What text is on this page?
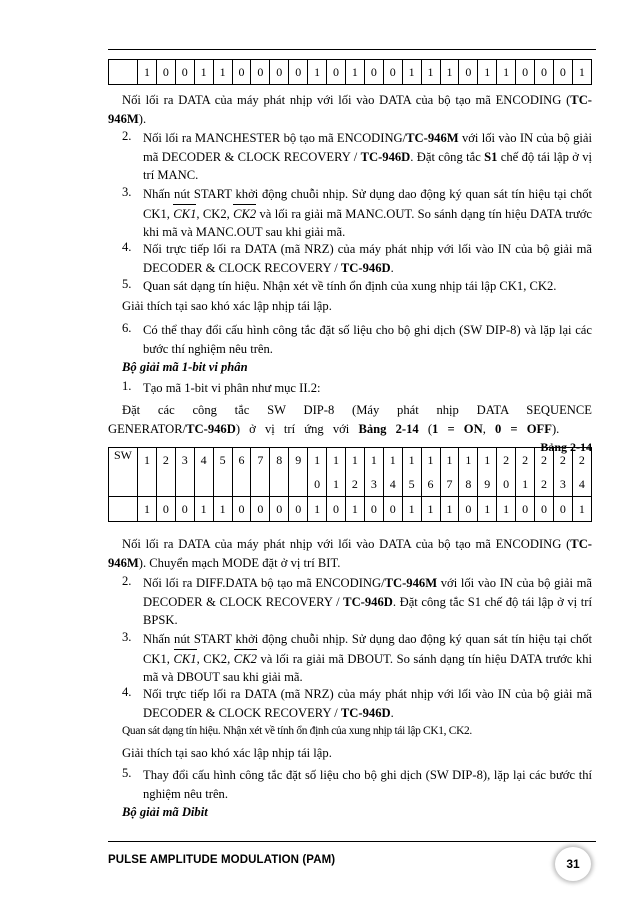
	1	0	0	1	1	0	0	0	0	1	0	1	0	0	1	1	1	0	1	1	0	0	0	1
Nối lối ra DATA của máy phát nhịp với lối vào DATA của bộ tạo mã ENCODING (TC-946M).
2. Nối lối ra MANCHESTER bộ tạo mã ENCODING/TC-946M với lối vào IN của bộ giải mã DECODER & CLOCK RECOVERY / TC-946D. Đặt công tắc S1 chế độ tái lập ở vị trí MANC.
3. Nhấn nút START khởi động chuỗi nhịp. Sử dụng dao động ký quan sát tín hiệu tại chốt CK1, CK1, CK2, CK2 và lối ra giải mã MANC.OUT. So sánh dạng tín hiệu DATA trước khi mã và MANC.OUT sau khi giải mã.
4. Nối trực tiếp lối ra DATA (mã NRZ) của máy phát nhịp với lối vào IN của bộ giải mã DECODER & CLOCK RECOVERY / TC-946D.
5. Quan sát dạng tín hiệu. Nhận xét về tính ổn định của xung nhịp tái lập CK1, CK2.
Giải thích tại sao khó xác lập nhịp tái lập.
6. Có thể thay đổi cấu hình công tắc đặt số liệu cho bộ ghi dịch (SW DIP-8) và lặp lại các bước thí nghiệm nêu trên.
Bộ giải mã 1-bit vi phân
1. Tạo mã 1-bit vi phân như mục II.2:
Đặt các công tắc SW DIP-8 (Máy phát nhịp DATA SEQUENCE GENERATOR/TC-946D) ở vị trí ứng với Bảng 2-14 (1 = ON, 0 = OFF).
Bảng 2-14
SW	1	2	3	4	5	6	7	8	9	1	1	1	1	1	1	1	1	1	1	2	2	2	2	2
										0	1	2	3	4	5	6	7	8	9	0	1	2	3	4
	1	0	0	1	1	0	0	0	0	1	0	1	0	0	1	1	1	0	1	1	0	0	0	1
Nối lối ra DATA của máy phát nhịp với lối vào DATA của bộ tạo mã ENCODING (TC-946M). Chuyển mạch MODE đặt ở vị trí BIT.
2. Nối lối ra DIFF.DATA bộ tạo mã ENCODING/TC-946M với lối vào IN của bộ giải mã DECODER & CLOCK RECOVERY / TC-946D. Đặt công tắc S1 chế độ tái lập ở vị trí BPSK.
3. Nhấn nút START khởi động chuỗi nhịp. Sử dụng dao động ký quan sát tín hiệu tại chốt CK1, CK1, CK2, CK2 và lối ra giải mã DBOUT. So sánh dạng tín hiệu DATA trước khi mã và DBOUT sau khi giải mã.
4. Nối trực tiếp lối ra DATA (mã NRZ) của máy phát nhịp với lối vào IN của bộ giải mã DECODER & CLOCK RECOVERY / TC-946D.
Quan sát dạng tín hiệu. Nhận xét về tính ổn định của xung nhịp tái lập CK1, CK2.
Giải thích tại sao khó xác lập nhịp tái lập.
5. Thay đổi cấu hình công tắc đặt số liệu cho bộ ghi dịch (SW DIP-8), lặp lại các bước thí nghiệm nêu trên.
Bộ giải mã Dibit
PULSE AMPLITUDE MODULATION (PAM)	31
